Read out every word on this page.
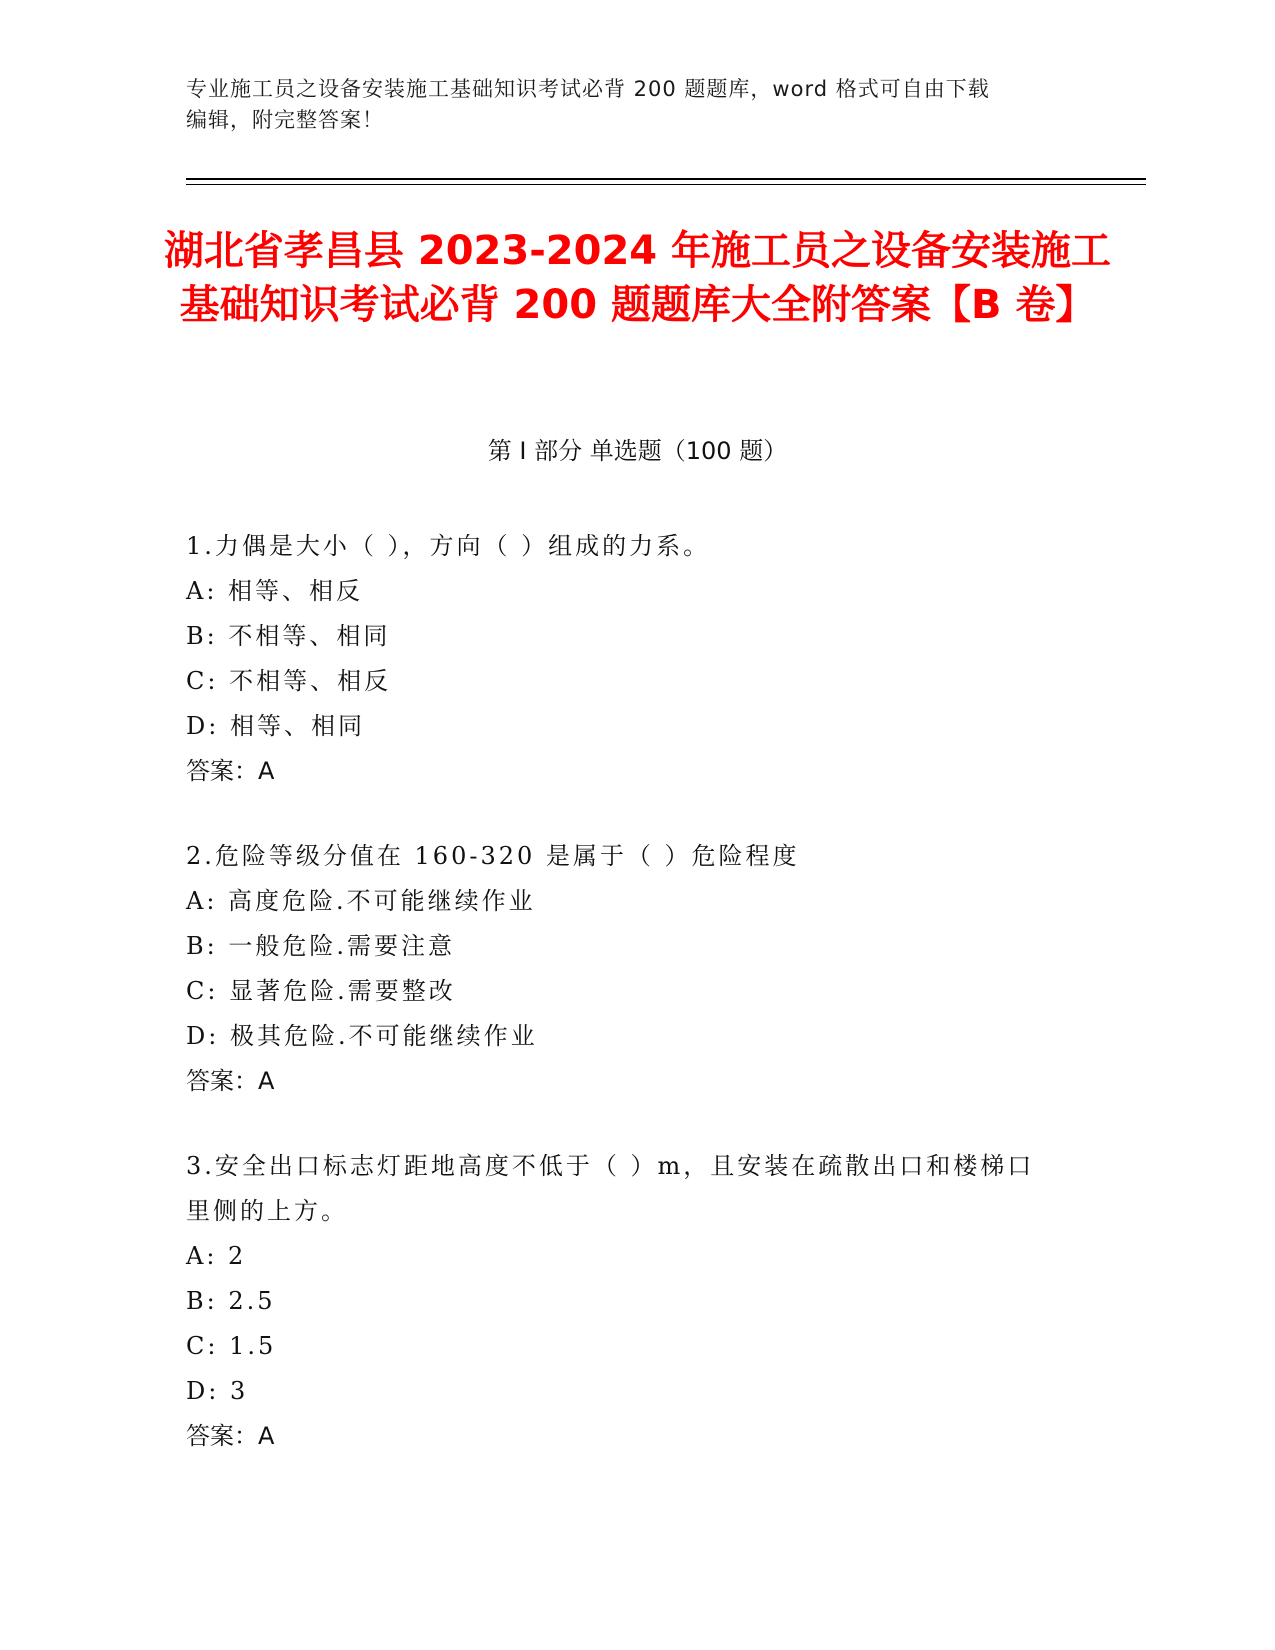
专业施工员之设备安装施工基础知识考试必背 200 题题库，word 格式可自由下载
编辑，附完整答案！
湖北省孝昌县 2023-2024 年施工员之设备安装施工基础知识考试必背 200 题题库大全附答案【B 卷】
第 I 部分 单选题（100 题）
1.力偶是大小（ ），方向（ ）组成的力系。
A: 相等、相反
B: 不相等、相同
C: 不相等、相反
D: 相等、相同
答案：A
2.危险等级分值在 160-320 是属于（ ）危险程度
A: 高度危险.不可能继续作业
B: 一般危险.需要注意
C: 显著危险.需要整改
D: 极其危险.不可能继续作业
答案：A
3.安全出口标志灯距地高度不低于（ ）m，且安装在疏散出口和楼梯口里侧的上方。
A: 2
B: 2.5
C: 1.5
D: 3
答案：A
